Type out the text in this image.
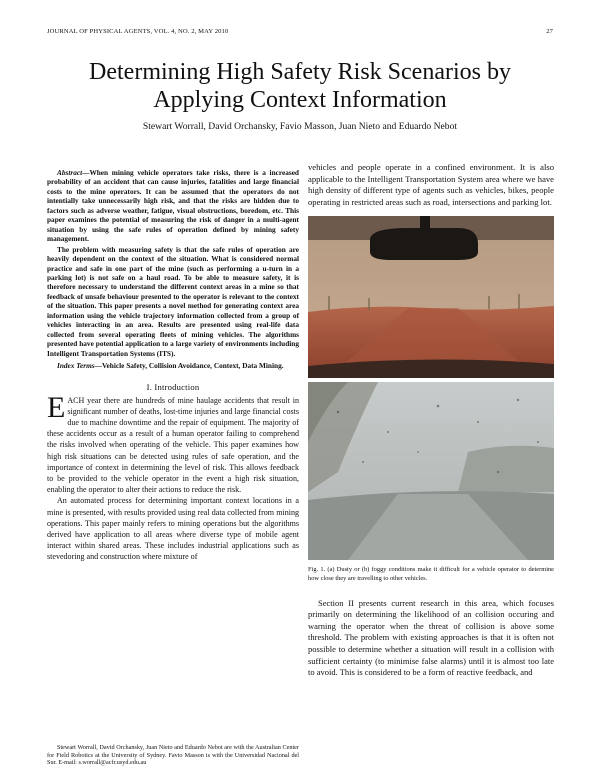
JOURNAL OF PHYSICAL AGENTS, VOL. 4, NO. 2, MAY 2010	27
Determining High Safety Risk Scenarios by
Applying Context Information
Stewart Worrall, David Orchansky, Favio Masson, Juan Nieto and Eduardo Nebot

Abstract—When mining vehicle operators take risks, there is a increased probability of an accident that can cause injuries, fatalities and large financial costs to the mine operators. It can be assumed that the operators do not intentially take unnecessarily high risk, and that the risks are hidden due to factors such as adverse weather, fatigue, visual obstructions, boredom, etc. This paper examines the potential of measuring the risk of danger in a multi-agent situation by using the safe rules of operation defined by mining safety management.

The problem with measuring safety is that the safe rules of operation are heavily dependent on the context of the situation. What is considered normal practice and safe in one part of the mine (such as performing a u-turn in a parking lot) is not safe on a haul road. To be able to measure safety, it is therefore necessary to understand the different context areas in a mine so that feedback of unsafe behaviour presented to the operator is relevant to the context of the situation. This paper presents a novel method for generating context area information using the vehicle trajectory information collected from a group of vehicles interacting in an area. Results are presented using real-life data collected from several operating fleets of mining vehicles. The algorithms presented have potential application to a large variety of environments including Intelligent Transportation Systems (ITS).

Index Terms—Vehicle Safety, Collision Avoidance, Context, Data Mining.

I. Introduction

EACH year there are hundreds of mine haulage accidents that result in significant number of deaths, lost-time injuries and large financial costs due to machine downtime and the repair of equipment. The majority of these accidents occur as a result of a human operator failing to comprehend the risks involved when operating of the vehicle. This paper examines how high risk situations can be detected using rules of safe operation, and the importance of context in determining the level of risk. This allows feedback to be provided to the vehicle operator in the event a high risk situation, enabling the operator to alter their actions to reduce the risk.

An automated process for determining important context locations in a mine is presented, with results provided using real data collected from mining operations. This paper mainly refers to mining operations but the algorithms derived have application to all areas where diverse type of mobile agent interact within shared areas. These includes industrial applications such as stevedoring and construction where mixture of

Stewart Worrall, David Orchansky, Juan Nieto and Eduardo Nebot are with the Australian Center for Field Robotics at the University of Sydney. Favio Masson is with the Universidad Nacional del Sur. E-mail: s.worrall@acfr.usyd.edu.au

vehicles and people operate in a confined environment. It is also applicable to the Intelligent Transportation System area where we have high density of different type of agents such as vehicles, bikes, people operating in restricted areas such as road, intersections and parking lot.

Fig. 1. (a) Dusty or (b) foggy conditions make it difficult for a vehicle operator to determine how close they are travelling to other vehicles.

Section II presents current research in this area, which focuses primarily on determining the likelihood of an collision occuring and warning the operator when the threat of collision is above some threshold. The problem with existing approaches is that it is often not possible to determine whether a situation will result in a collision with sufficient certainty (to minimise false alarms) until it is almost too late to avoid. This is considered to be a form of reactive feedback, and
